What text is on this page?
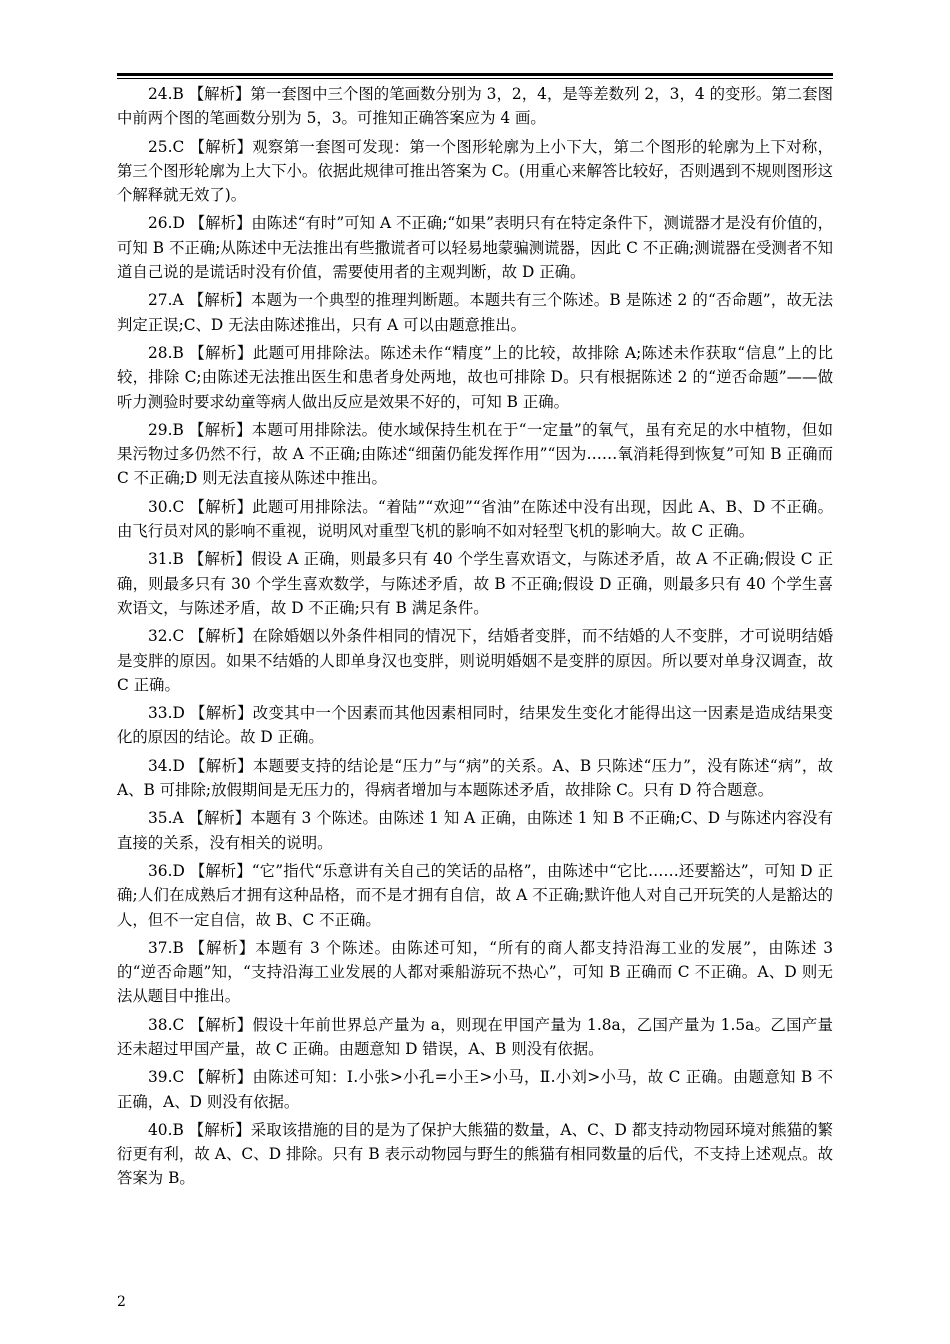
24.B 【解析】第一套图中三个图的笔画数分别为 3，2，4，是等差数列 2，3，4 的变形。第二套图中前两个图的笔画数分别为 5，3。可推知正确答案应为 4 画。

25.C 【解析】观察第一套图可发现：第一个图形轮廓为上小下大，第二个图形的轮廓为上下对称，第三个图形轮廓为上大下小。依据此规律可推出答案为 C。(用重心来解答比较好，否则遇到不规则图形这个解释就无效了)。

26.D 【解析】由陈述“有时”可知 A 不正确;“如果”表明只有在特定条件下，测谎器才是没有价值的，可知 B 不正确;从陈述中无法推出有些撒谎者可以轻易地蒙骗测谎器，因此 C 不正确;测谎器在受测者不知道自己说的是谎话时没有价值，需要使用者的主观判断，故 D 正确。

27.A 【解析】本题为一个典型的推理判断题。本题共有三个陈述。B 是陈述 2 的“否命题”，故无法判定正误;C、D 无法由陈述推出，只有 A 可以由题意推出。

28.B 【解析】此题可用排除法。陈述未作“精度”上的比较，故排除 A;陈述未作获取“信息”上的比较，排除 C;由陈述无法推出医生和患者身处两地，故也可排除 D。只有根据陈述 2 的“逆否命题”——做听力测验时要求幼童等病人做出反应是效果不好的，可知 B 正确。

29.B 【解析】本题可用排除法。使水域保持生机在于“一定量”的氧气，虽有充足的水中植物，但如果污物过多仍然不行，故 A 不正确;由陈述“细菌仍能发挥作用”“因为……氧消耗得到恢复”可知 B 正确而 C 不正确;D 则无法直接从陈述中推出。

30.C 【解析】此题可用排除法。“着陆”“欢迎”“省油”在陈述中没有出现，因此 A、B、D 不正确。由飞行员对风的影响不重视，说明风对重型飞机的影响不如对轻型飞机的影响大。故 C 正确。

31.B 【解析】假设 A 正确，则最多只有 40 个学生喜欢语文，与陈述矛盾，故 A 不正确;假设 C 正确，则最多只有 30 个学生喜欢数学，与陈述矛盾，故 B 不正确;假设 D 正确，则最多只有 40 个学生喜欢语文，与陈述矛盾，故 D 不正确;只有 B 满足条件。

32.C 【解析】在除婚姻以外条件相同的情况下，结婚者变胖，而不结婚的人不变胖，才可说明结婚是变胖的原因。如果不结婚的人即单身汉也变胖，则说明婚姻不是变胖的原因。所以要对单身汉调查，故 C 正确。

33.D 【解析】改变其中一个因素而其他因素相同时，结果发生变化才能得出这一因素是造成结果变化的原因的结论。故 D 正确。

34.D 【解析】本题要支持的结论是“压力”与“病”的关系。A、B 只陈述“压力”，没有陈述“病”，故 A、B 可排除;放假期间是无压力的，得病者增加与本题陈述矛盾，故排除 C。只有 D 符合题意。

35.A 【解析】本题有 3 个陈述。由陈述 1 知 A 正确，由陈述 1 知 B 不正确;C、D 与陈述内容没有直接的关系，没有相关的说明。

36.D 【解析】“它”指代“乐意讲有关自己的笑话的品格”，由陈述中“它比……还要豁达”，可知 D 正确;人们在成熟后才拥有这种品格，而不是才拥有自信，故 A 不正确;默许他人对自己开玩笑的人是豁达的人，但不一定自信，故 B、C 不正确。

37.B 【解析】本题有 3 个陈述。由陈述可知，“所有的商人都支持沿海工业的发展”，由陈述 3 的“逆否命题”知，“支持沿海工业发展的人都对乘船游玩不热心”，可知 B 正确而 C 不正确。A、D 则无法从题目中推出。

38.C 【解析】假设十年前世界总产量为 a，则现在甲国产量为 1.8a，乙国产量为 1.5a。乙国产量还未超过甲国产量，故 C 正确。由题意知 D 错误，A、B 则没有依据。

39.C 【解析】由陈述可知：Ⅰ.小张>小孔=小王>小马，Ⅱ.小刘>小马，故 C 正确。由题意知 B 不正确，A、D 则没有依据。

40.B 【解析】采取该措施的目的是为了保护大熊猫的数量，A、C、D 都支持动物园环境对熊猫的繁衍更有利，故 A、C、D 排除。只有 B 表示动物园与野生的熊猫有相同数量的后代，不支持上述观点。故答案为 B。

2
